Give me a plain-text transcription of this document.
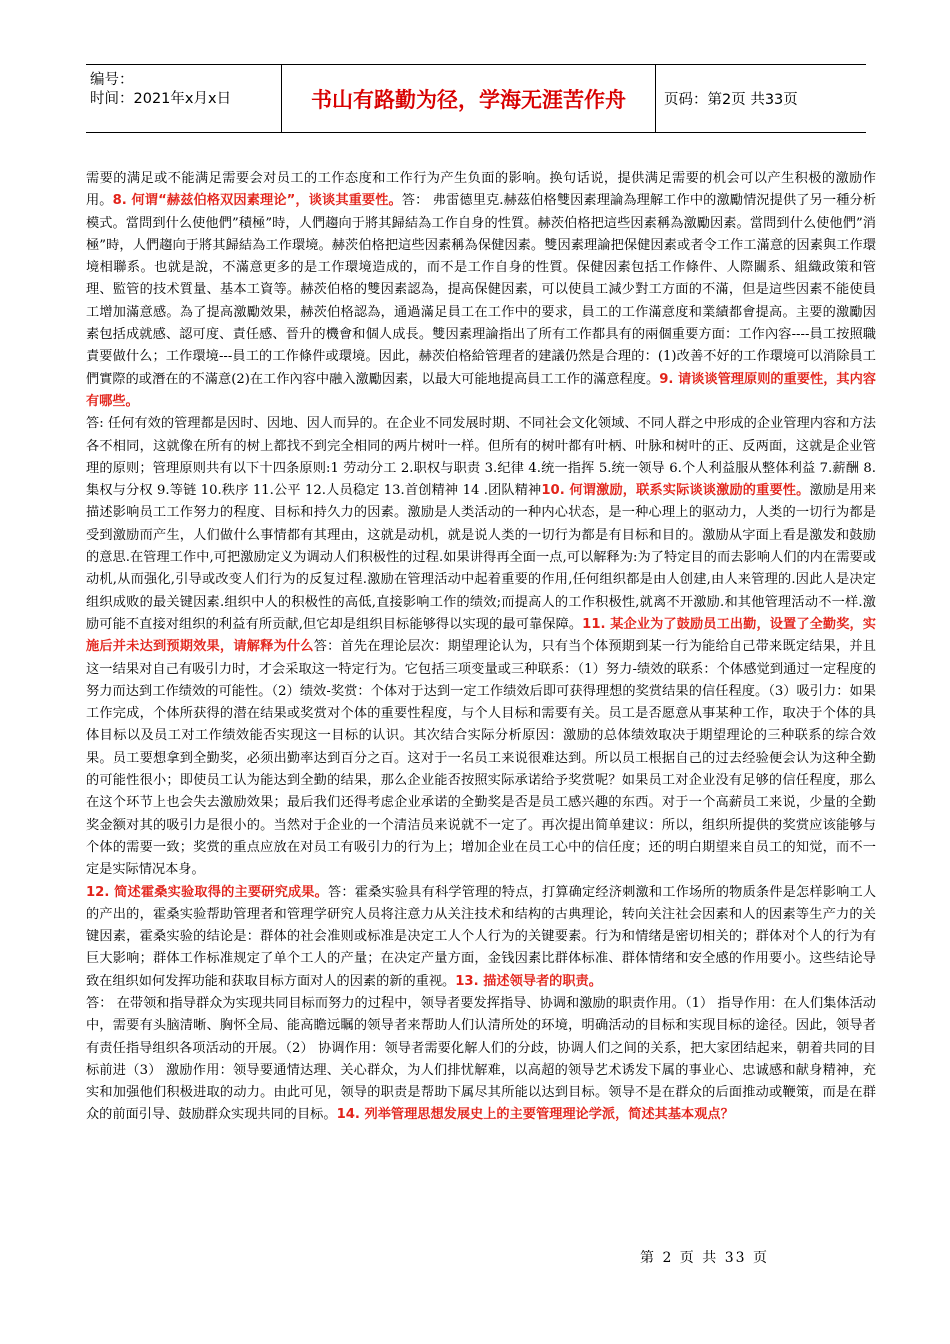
编号：
时间：2021年x月x日	书山有路勤为径，学海无涯苦作舟	页码：第2页 共33页

需要的满足或不能满足需要会对员工的工作态度和工作行为产生负面的影响。换句话说，提供满足需要的机会可以产生积极的激励作用。8. 何谓“赫兹伯格双因素理论”，谈谈其重要性。答： 弗雷德里克.赫茲伯格雙因素理論為理解工作中的激勵情況提供了另一種分析模式。當問到什么使他們”積極”時，人們趨向于將其歸結為工作自身的性質。赫茨伯格把這些因素稱為激勵因素。當問到什么使他們”消極”時，人們趨向于將其歸結為工作環境。赫茨伯格把這些因素稱為保健因素。雙因素理論把保健因素或者令工作工滿意的因素與工作環境相聯系。也就是說，不滿意更多的是工作環境造成的，而不是工作自身的性質。保健因素包括工作條件、人際關系、組織政策和管理、監管的技术質量、基本工資等。赫茨伯格的雙因素認為，提高保健因素，可以使員工減少對工方面的不滿，但是這些因素不能使員工增加滿意感。為了提高激勵效果，赫茨伯格認為，通過滿足員工在工作中的要求，員工的工作滿意度和業績都會提高。主要的激勵因素包括成就感、認可度、責任感、晉升的機會和個人成長。雙因素理論指出了所有工作都具有的兩個重要方面：工作內容----員工按照職責要做什么；工作環境---員工的工作條件或環境。因此，赫茨伯格給管理者的建議仍然是合理的：(1)改善不好的工作環境可以消除員工們實際的或潛在的不滿意(2)在工作內容中融入激勵因素，以最大可能地提高員工工作的滿意程度。9. 请谈谈管理原则的重要性，其内容有哪些。

答: 任何有效的管理都是因时、因地、因人而异的。在企业不同发展时期、不同社会文化领域、不同人群之中形成的企业管理内容和方法各不相同，这就像在所有的树上都找不到完全相同的两片树叶一样。但所有的树叶都有叶柄、叶脉和树叶的正、反两面，这就是企业管理的原则；管理原则共有以下十四条原则:1 劳动分工 2.职权与职责 3.纪律 4.统一指挥 5.统一领导 6.个人利益服从整体利益 7.薪酬 8.集权与分权 9.等链 10.秩序 11.公平 12.人员稳定 13.首创精神 14 .团队精神10. 何谓激励，联系实际谈谈激励的重要性。激励是用来描述影响员工工作努力的程度、目标和持久力的因素。激励是人类活动的一种内心状态，是一种心理上的驱动力，人类的一切行为都是受到激励而产生，人们做什么事情都有其理由，这就是动机，就是说人类的一切行为都是有目标和目的。激励从字面上看是激发和鼓励的意思.在管理工作中,可把激励定义为调动人们积极性的过程.如果讲得再全面一点,可以解释为:为了特定目的而去影响人们的内在需要或动机,从而强化,引导或改变人们行为的反复过程.激励在管理活动中起着重要的作用,任何组织都是由人创建,由人来管理的.因此人是决定组织成败的最关键因素.组织中人的积极性的高低,直接影响工作的绩效;而提高人的工作积极性,就离不开激励.和其他管理活动不一样.激励可能不直接对组织的利益有所贡献,但它却是组织目标能够得以实现的最可靠保障。11. 某企业为了鼓励员工出勤，设置了全勤奖，实施后并未达到预期效果，请解释为什么答：首先在理论层次：期望理论认为，只有当个体预期到某一行为能给自己带来既定结果，并且这一结果对自己有吸引力时，才会采取这一特定行为。它包括三项变量或三种联系：（1）努力-绩效的联系：个体感觉到通过一定程度的努力而达到工作绩效的可能性。（2）绩效-奖赏：个体对于达到一定工作绩效后即可获得理想的奖赏结果的信任程度。（3）吸引力：如果工作完成，个体所获得的潜在结果或奖赏对个体的重要性程度，与个人目标和需要有关。员工是否愿意从事某种工作，取决于个体的具体目标以及员工对工作绩效能否实现这一目标的认识。其次结合实际分析原因：激励的总体绩效取决于期望理论的三种联系的综合效果。员工要想拿到全勤奖，必须出勤率达到百分之百。这对于一名员工来说很难达到。所以员工根据自己的过去经验便会认为这种全勤的可能性很小；即使员工认为能达到全勤的结果，那么企业能否按照实际承诺给予奖赏呢？如果员工对企业没有足够的信任程度，那么在这个环节上也会失去激励效果；最后我们还得考虑企业承诺的全勤奖是否是员工感兴趣的东西。对于一个高薪员工来说，少量的全勤奖金额对其的吸引力是很小的。当然对于企业的一个清洁员来说就不一定了。再次提出简单建议：所以，组织所提供的奖赏应该能够与个体的需要一致；奖赏的重点应放在对员工有吸引力的行为上；增加企业在员工心中的信任度；还的明白期望来自员工的知觉，而不一定是实际情况本身。

12. 简述霍桑实验取得的主要研究成果。答：霍桑实验具有科学管理的特点，打算确定经济刺激和工作场所的物质条件是怎样影响工人的产出的，霍桑实验帮助管理者和管理学研究人员将注意力从关注技术和结构的古典理论，转向关注社会因素和人的因素等生产力的关键因素，霍桑实验的结论是：群体的社会准则或标准是决定工人个人行为的关键要素。行为和情绪是密切相关的；群体对个人的行为有巨大影响；群体工作标准规定了单个工人的产量；在决定产量方面，金钱因素比群体标准、群体情绪和安全感的作用要小。这些结论导致在组织如何发挥功能和获取目标方面对人的因素的新的重视。13. 描述领导者的职责。

答： 在带领和指导群众为实现共同目标而努力的过程中，领导者要发挥指导、协调和激励的职责作用。（1） 指导作用：在人们集体活动中，需要有头脑清晰、胸怀全局、能高瞻远瞩的领导者来帮助人们认清所处的环境，明确活动的目标和实现目标的途径。因此，领导者有责任指导组织各项活动的开展。（2） 协调作用：领导者需要化解人们的分歧，协调人们之间的关系，把大家团结起来，朝着共同的目标前进（3） 激励作用：领导要通情达理、关心群众，为人们排忧解难，以高超的领导艺术诱发下属的事业心、忠诚感和献身精神，充实和加强他们积极进取的动力。由此可见，领导的职责是帮助下属尽其所能以达到目标。领导不是在群众的后面推动或鞭策，而是在群众的前面引导、鼓励群众实现共同的目标。14. 列举管理思想发展史上的主要管理理论学派，简述其基本观点？

第 2 页 共 33 页
